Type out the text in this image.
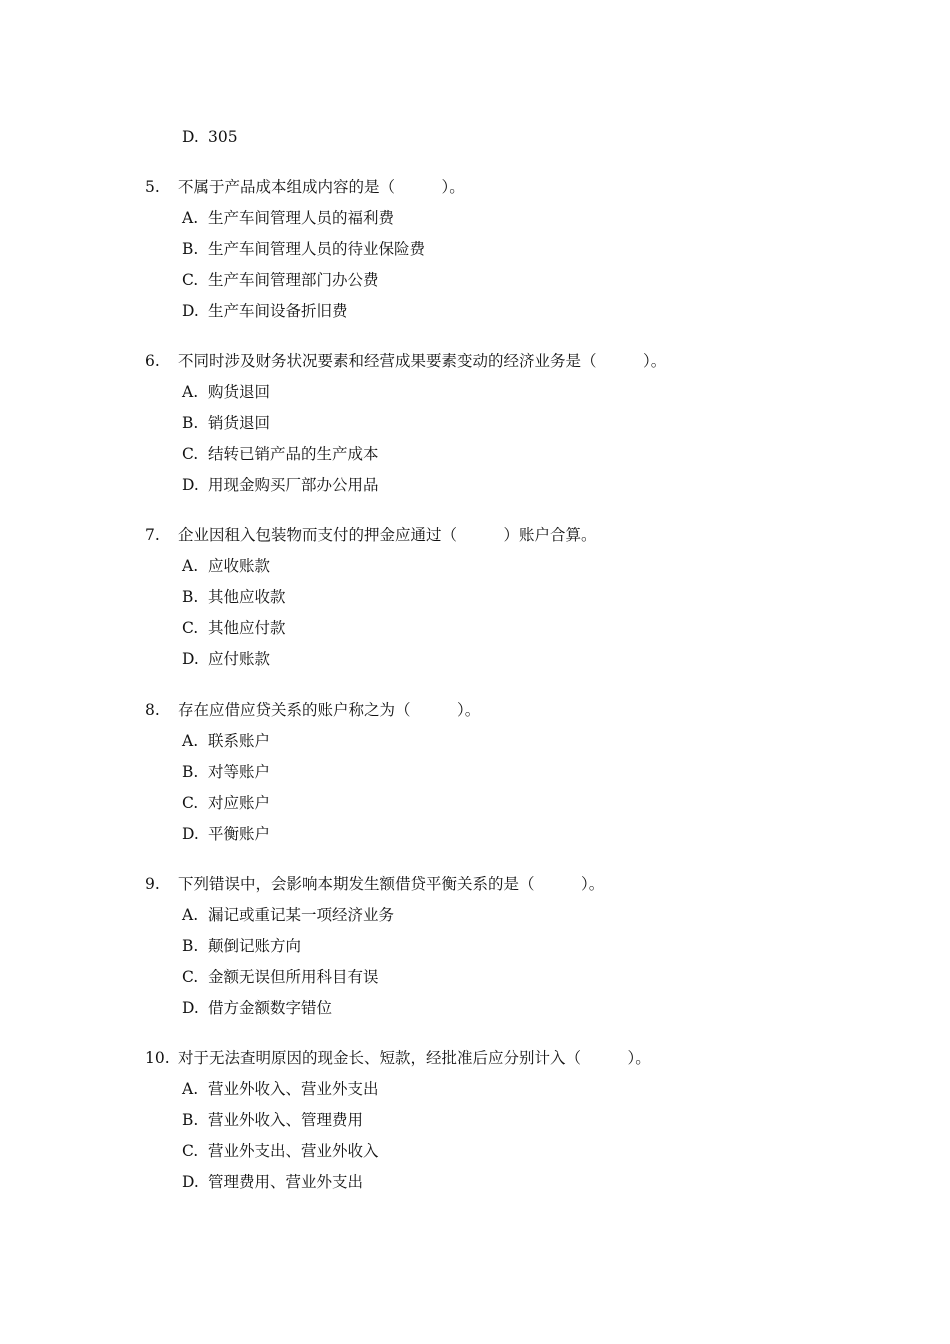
D. 305
5. 不属于产品成本组成内容的是（　　　）。
A. 生产车间管理人员的福利费
B. 生产车间管理人员的待业保险费
C. 生产车间管理部门办公费
D. 生产车间设备折旧费
6. 不同时涉及财务状况要素和经营成果要素变动的经济业务是（　　　）。
A. 购货退回
B. 销货退回
C. 结转已销产品的生产成本
D. 用现金购买厂部办公用品
7. 企业因租入包装物而支付的押金应通过（　　　）账户合算。
A. 应收账款
B. 其他应收款
C. 其他应付款
D. 应付账款
8. 存在应借应贷关系的账户称之为（　　　）。
A. 联系账户
B. 对等账户
C. 对应账户
D. 平衡账户
9. 下列错误中，会影响本期发生额借贷平衡关系的是（　　　）。
A. 漏记或重记某一项经济业务
B. 颠倒记账方向
C. 金额无误但所用科目有误
D. 借方金额数字错位
10. 对于无法查明原因的现金长、短款，经批准后应分别计入（　　　）。
A. 营业外收入、营业外支出
B. 营业外收入、管理费用
C. 营业外支出、营业外收入
D. 管理费用、营业外支出
